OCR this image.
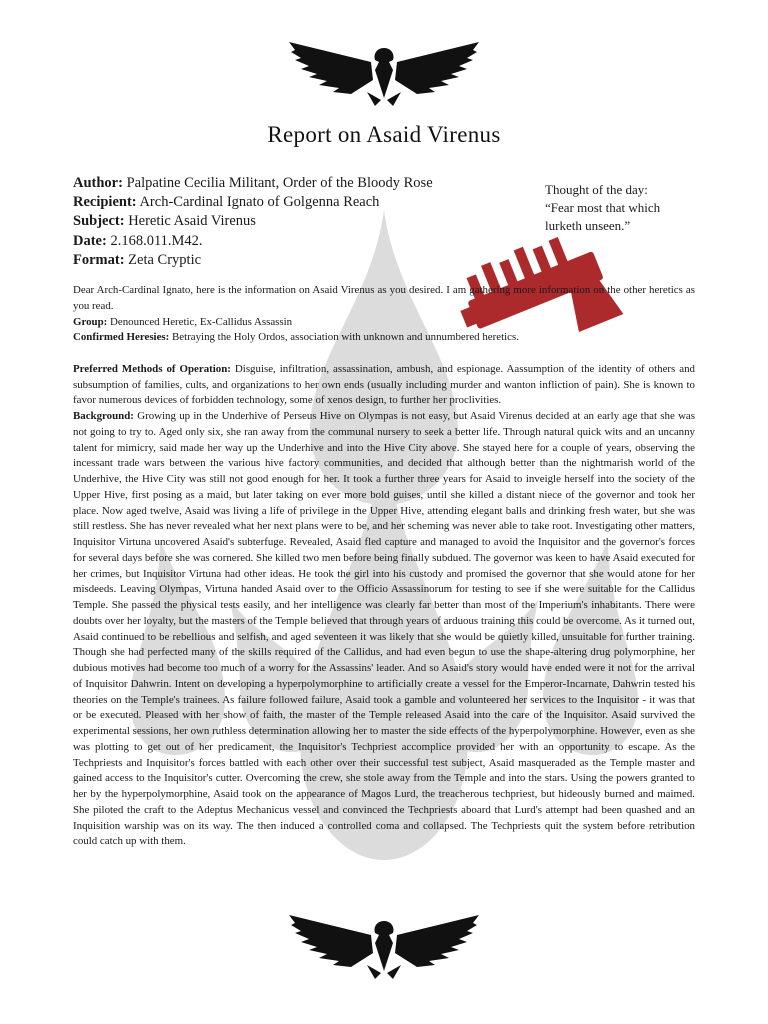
Report on Asaid Virenus
Author: Palpatine Cecilia Militant, Order of the Bloody Rose
Recipient: Arch-Cardinal Ignato of Golgenna Reach
Subject: Heretic Asaid Virenus
Date: 2.168.011.M42.
Format: Zeta Cryptic
Thought of the day:
“Fear most that which
lurketh unseen.”

Dear Arch-Cardinal Ignato, here is the information on Asaid Virenus as you desired. I am gathering more information on the other heretics as you read.

Group: Denounced Heretic, Ex-Callidus Assassin

Confirmed Heresies: Betraying the Holy Ordos, association with unknown and unnumbered heretics.

Preferred Methods of Operation: Disguise, infiltration, assassination, ambush, and espionage. Aassumption of the identity of others and subsumption of families, cults, and organizations to her own ends (usually including murder and wanton infliction of pain). She is known to favor numerous devices of forbidden technology, some of xenos design, to further her proclivities.

Background: Growing up in the Underhive of Perseus Hive on Olympas is not easy, but Asaid Virenus decided at an early age that she was not going to try to. Aged only six, she ran away from the communal nursery to seek a better life. Through natural quick wits and an uncanny talent for mimicry, said made her way up the Underhive and into the Hive City above. She stayed here for a couple of years, observing the incessant trade wars between the various hive factory communities, and decided that although better than the nightmarish world of the Underhive, the Hive City was still not good enough for her. It took a further three years for Asaid to inveigle herself into the society of the Upper Hive, first posing as a maid, but later taking on ever more bold guises, until she killed a distant niece of the governor and took her place. Now aged twelve, Asaid was living a life of privilege in the Upper Hive, attending elegant balls and drinking fresh water, but she was still restless. She has never revealed what her next plans were to be, and her scheming was never able to take root. Investigating other matters, Inquisitor Virtuna uncovered Asaid's subterfuge. Revealed, Asaid fled capture and managed to avoid the Inquisitor and the governor's forces for several days before she was cornered. She killed two men before being finally subdued. The governor was keen to have Asaid executed for her crimes, but Inquisitor Virtuna had other ideas. He took the girl into his custody and promised the governor that she would atone for her misdeeds. Leaving Olympas, Virtuna handed Asaid over to the Officio Assassinorum for testing to see if she were suitable for the Callidus Temple. She passed the physical tests easily, and her intelligence was clearly far better than most of the Imperium's inhabitants. There were doubts over her loyalty, but the masters of the Temple believed that through years of arduous training this could be overcome. As it turned out, Asaid continued to be rebellious and selfish, and aged seventeen it was likely that she would be quietly killed, unsuitable for further training. Though she had perfected many of the skills required of the Callidus, and had even begun to use the shape-altering drug polymorphine, her dubious motives had become too much of a worry for the Assassins' leader. And so Asaid's story would have ended were it not for the arrival of Inquisitor Dahwrin. Intent on developing a hyperpolymorphine to artificially create a vessel for the Emperor-Incarnate, Dahwrin tested his theories on the Temple's trainees. As failure followed failure, Asaid took a gamble and volunteered her services to the Inquisitor - it was that or be executed. Pleased with her show of faith, the master of the Temple released Asaid into the care of the Inquisitor. Asaid survived the experimental sessions, her own ruthless determination allowing her to master the side effects of the hyperpolymorphine. However, even as she was plotting to get out of her predicament, the Inquisitor's Techpriest accomplice provided her with an opportunity to escape. As the Techpriests and Inquisitor's forces battled with each other over their successful test subject, Asaid masqueraded as the Temple master and gained access to the Inquisitor's cutter. Overcoming the crew, she stole away from the Temple and into the stars. Using the powers granted to her by the hyperpolymorphine, Asaid took on the appearance of Magos Lurd, the treacherous techpriest, but hideously burned and maimed. She piloted the craft to the Adeptus Mechanicus vessel and convinced the Techpriests aboard that Lurd's attempt had been quashed and an Inquisition warship was on its way. The then induced a controlled coma and collapsed. The Techpriests quit the system before retribution could catch up with them.
